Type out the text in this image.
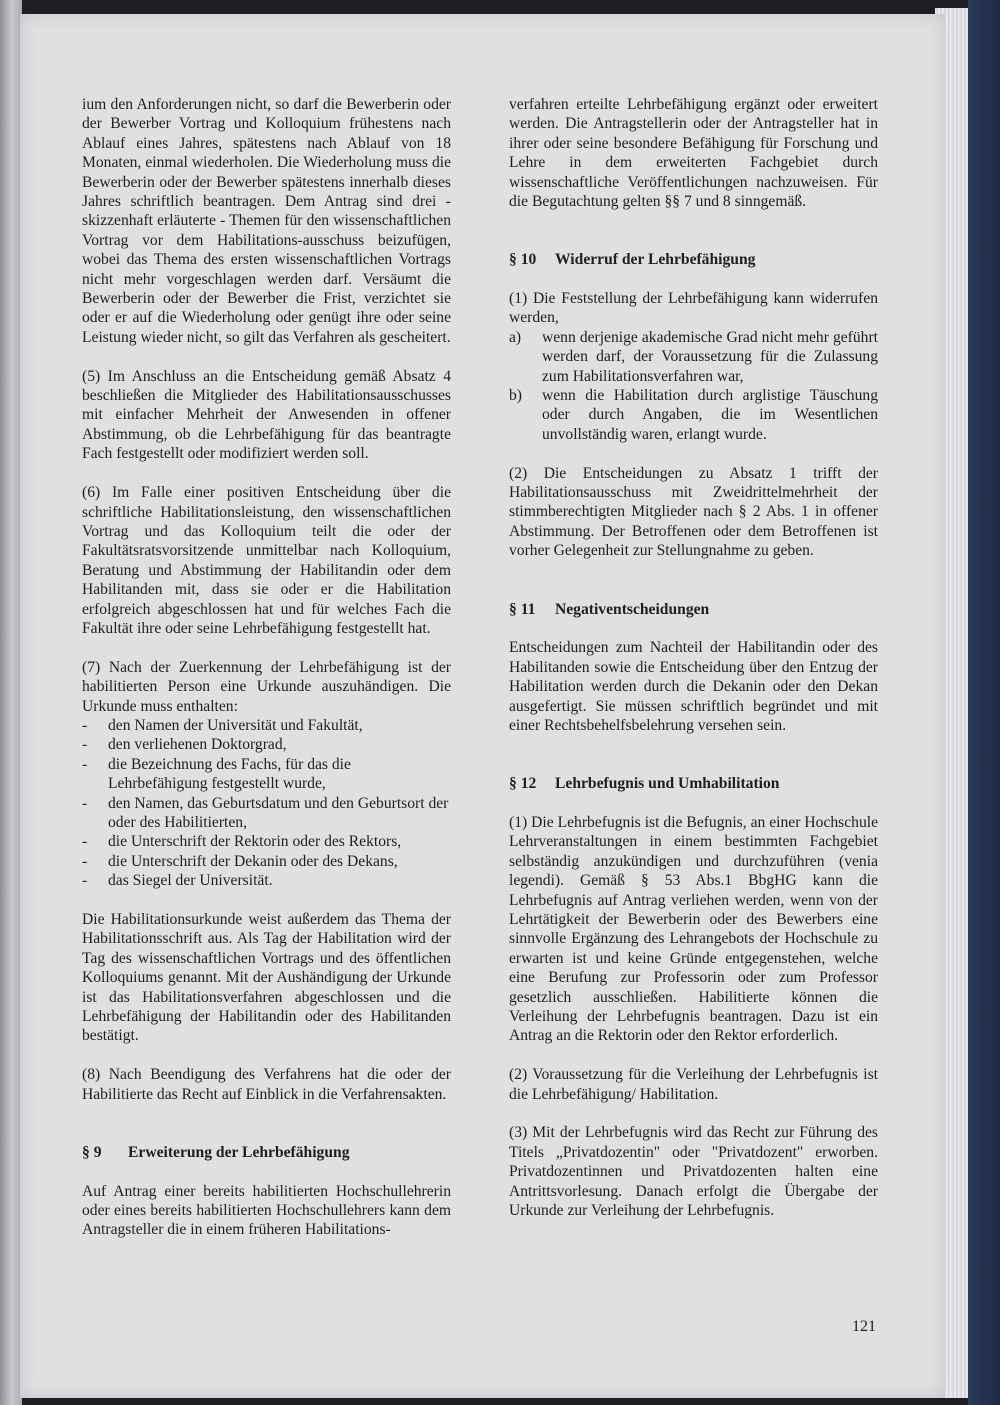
ium den Anforderungen nicht, so darf die Bewerberin oder der Bewerber Vortrag und Kolloquium frühestens nach Ablauf eines Jahres, spätestens nach Ablauf von 18 Monaten, einmal wiederholen. Die Wiederholung muss die Bewerberin oder der Bewerber spätestens innerhalb dieses Jahres schriftlich beantragen. Dem Antrag sind drei - skizzenhaft erläuterte - Themen für den wissenschaftlichen Vortrag vor dem Habilitations-ausschuss beizufügen, wobei das Thema des ersten wissenschaftlichen Vortrags nicht mehr vorgeschlagen werden darf. Versäumt die Bewerberin oder der Bewerber die Frist, verzichtet sie oder er auf die Wiederholung oder genügt ihre oder seine Leistung wieder nicht, so gilt das Verfahren als gescheitert.

(5) Im Anschluss an die Entscheidung gemäß Absatz 4 beschließen die Mitglieder des Habilitationsausschusses mit einfacher Mehrheit der Anwesenden in offener Abstimmung, ob die Lehrbefähigung für das beantragte Fach festgestellt oder modifiziert werden soll.

(6) Im Falle einer positiven Entscheidung über die schriftliche Habilitationsleistung, den wissenschaftlichen Vortrag und das Kolloquium teilt die oder der Fakultätsratsvorsitzende unmittelbar nach Kolloquium, Beratung und Abstimmung der Habilitandin oder dem Habilitanden mit, dass sie oder er die Habilitation erfolgreich abgeschlossen hat und für welches Fach die Fakultät ihre oder seine Lehrbefähigung festgestellt hat.

(7) Nach der Zuerkennung der Lehrbefähigung ist der habilitierten Person eine Urkunde auszuhändigen. Die Urkunde muss enthalten:

- den Namen der Universität und Fakultät,
- den verliehenen Doktorgrad,
- die Bezeichnung des Fachs, für das die Lehrbefähigung festgestellt wurde,
- den Namen, das Geburtsdatum und den Geburtsort der oder des Habilitierten,
- die Unterschrift der Rektorin oder des Rektors,
- die Unterschrift der Dekanin oder des Dekans,
- das Siegel der Universität.

Die Habilitationsurkunde weist außerdem das Thema der Habilitationsschrift aus. Als Tag der Habilitation wird der Tag des wissenschaftlichen Vortrags und des öffentlichen Kolloquiums genannt. Mit der Aushändigung der Urkunde ist das Habilitationsverfahren abgeschlossen und die Lehrbefähigung der Habilitandin oder des Habilitanden bestätigt.

(8) Nach Beendigung des Verfahrens hat die oder der Habilitierte das Recht auf Einblick in die Verfahrensakten.

§ 9 Erweiterung der Lehrbefähigung

Auf Antrag einer bereits habilitierten Hochschullehrerin oder eines bereits habilitierten Hochschullehrers kann dem Antragsteller die in einem früheren Habilitations-

verfahren erteilte Lehrbefähigung ergänzt oder erweitert werden. Die Antragstellerin oder der Antragsteller hat in ihrer oder seine besondere Befähigung für Forschung und Lehre in dem erweiterten Fachgebiet durch wissenschaftliche Veröffentlichungen nachzuweisen. Für die Begutachtung gelten §§ 7 und 8 sinngemäß.

§ 10 Widerruf der Lehrbefähigung

(1) Die Feststellung der Lehrbefähigung kann widerrufen werden,

a) wenn derjenige akademische Grad nicht mehr geführt werden darf, der Voraussetzung für die Zulassung zum Habilitationsverfahren war,
b) wenn die Habilitation durch arglistige Täuschung oder durch Angaben, die im Wesentlichen unvollständig waren, erlangt wurde.

(2) Die Entscheidungen zu Absatz 1 trifft der Habilitationsausschuss mit Zweidrittelmehrheit der stimmberechtigten Mitglieder nach § 2 Abs. 1 in offener Abstimmung. Der Betroffenen oder dem Betroffenen ist vorher Gelegenheit zur Stellungnahme zu geben.

§ 11 Negativentscheidungen

Entscheidungen zum Nachteil der Habilitandin oder des Habilitanden sowie die Entscheidung über den Entzug der Habilitation werden durch die Dekanin oder den Dekan ausgefertigt. Sie müssen schriftlich begründet und mit einer Rechtsbehelfsbelehrung versehen sein.

§ 12 Lehrbefugnis und Umhabilitation

(1) Die Lehrbefugnis ist die Befugnis, an einer Hochschule Lehrveranstaltungen in einem bestimmten Fachgebiet selbständig anzukündigen und durchzuführen (venia legendi). Gemäß § 53 Abs.1 BbgHG kann die Lehrbefugnis auf Antrag verliehen werden, wenn von der Lehrtätigkeit der Bewerberin oder des Bewerbers eine sinnvolle Ergänzung des Lehrangebots der Hochschule zu erwarten ist und keine Gründe entgegenstehen, welche eine Berufung zur Professorin oder zum Professor gesetzlich ausschließen. Habilitierte können die Verleihung der Lehrbefugnis beantragen. Dazu ist ein Antrag an die Rektorin oder den Rektor erforderlich.

(2) Voraussetzung für die Verleihung der Lehrbefugnis ist die Lehrbefähigung/ Habilitation.

(3) Mit der Lehrbefugnis wird das Recht zur Führung des Titels „Privatdozentin" oder "Privatdozent" erworben. Privatdozentinnen und Privatdozenten halten eine Antrittsvorlesung. Danach erfolgt die Übergabe der Urkunde zur Verleihung der Lehrbefugnis.

121
